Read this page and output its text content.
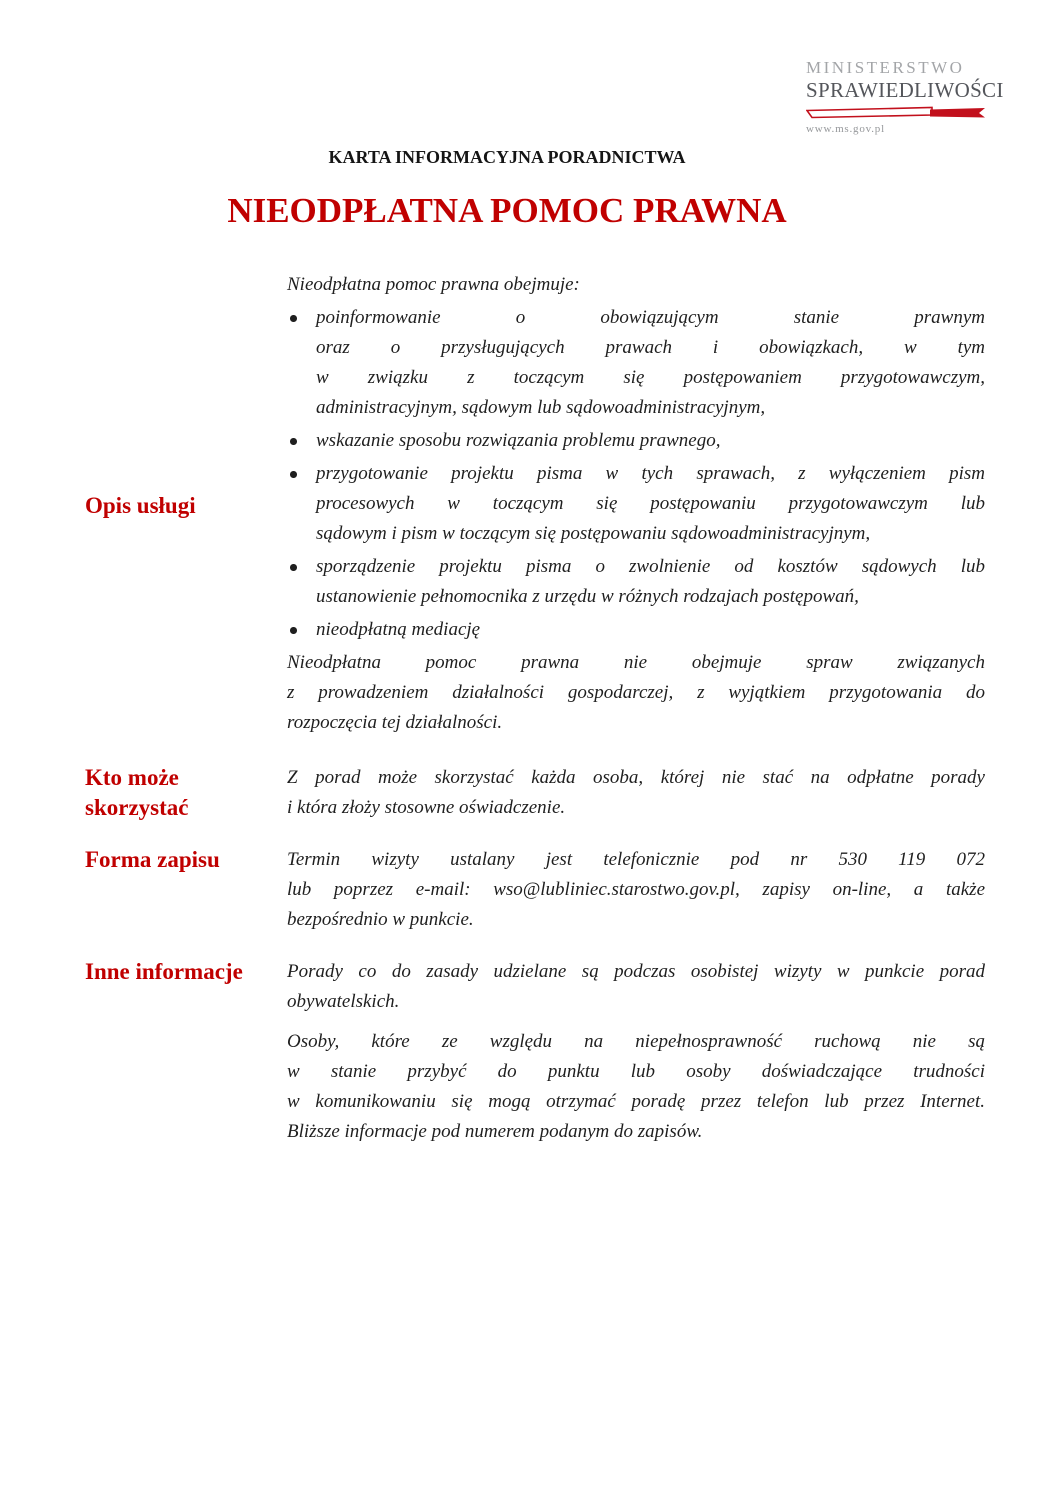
MINISTERSTWO
SPRAWIEDLIWOŚCI
www.ms.gov.pl
KARTA INFORMACYJNA PORADNICTWA
NIEODPŁATNA POMOC PRAWNA
Opis usługi
Nieodpłatna pomoc prawna obejmuje:
poinformowanie o obowiązującym stanie prawnym
oraz o przysługujących prawach i obowiązkach, w tym
w związku z toczącym się postępowaniem przygotowawczym,
administracyjnym, sądowym lub sądowoadministracyjnym,
wskazanie sposobu rozwiązania problemu prawnego,
przygotowanie projektu pisma w tych sprawach, z wyłączeniem pism
procesowych w toczącym się postępowaniu przygotowawczym lub
sądowym i pism w toczącym się postępowaniu sądowoadministracyjnym,
sporządzenie projektu pisma o zwolnienie od kosztów sądowych lub
ustanowienie pełnomocnika z urzędu w różnych rodzajach postępowań,
nieodpłatną mediację
Nieodpłatna pomoc prawna nie obejmuje spraw związanych
z prowadzeniem działalności gospodarczej, z wyjątkiem przygotowania do
rozpoczęcia tej działalności.
Kto może
skorzystać
Z porad może skorzystać każda osoba, której nie stać na odpłatne porady
i która złoży stosowne oświadczenie.
Forma zapisu	Termin wizyty ustalany jest telefonicznie pod nr 530 119 072
lub poprzez e-mail: wso@lubliniec.starostwo.gov.pl, zapisy on-line, a także
bezpośrednio w punkcie.
Inne informacje	Porady co do zasady udzielane są podczas osobistej wizyty w punkcie porad
obywatelskich.
Osoby, które ze względu na niepełnosprawność ruchową nie są
w stanie przybyć do punktu lub osoby doświadczające trudności
w komunikowaniu się mogą otrzymać poradę przez telefon lub przez Internet.
Bliższe informacje pod numerem podanym do zapisów.
